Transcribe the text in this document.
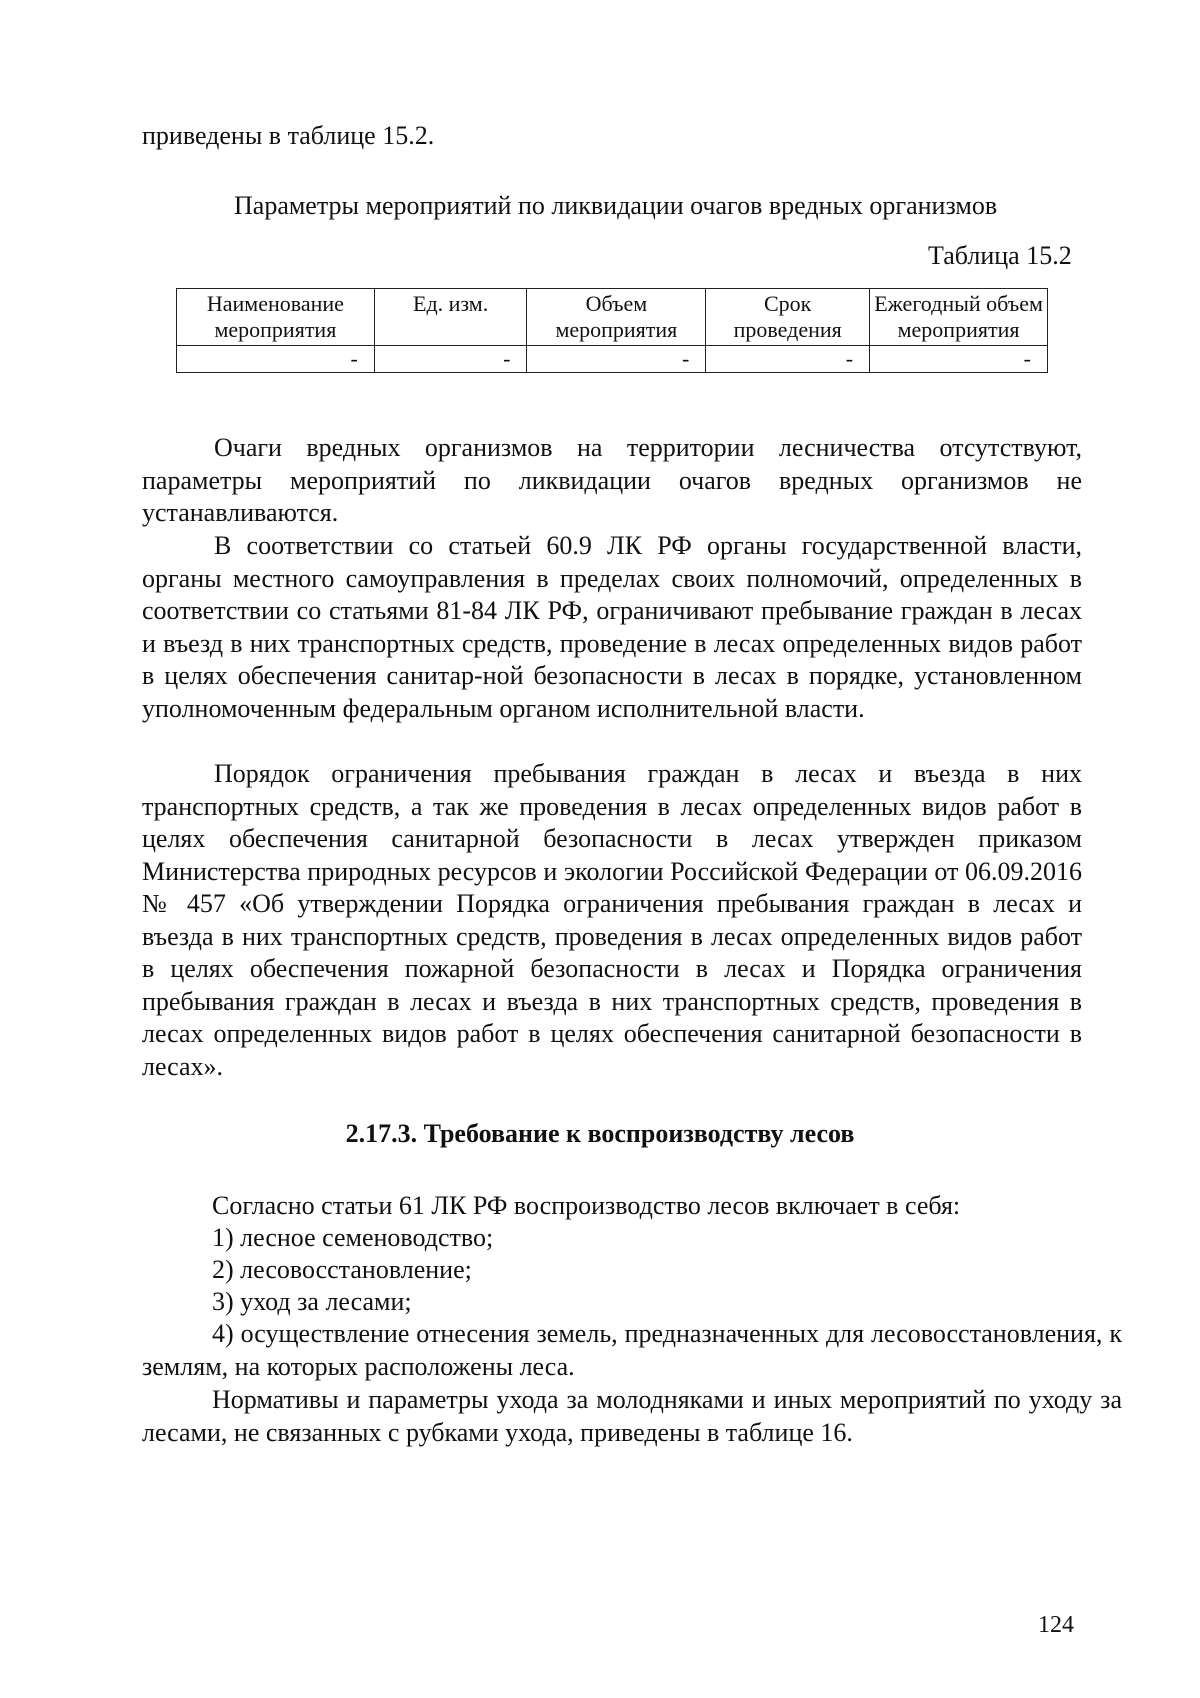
приведены в таблице 15.2.
Параметры мероприятий по ликвидации очагов вредных организмов
Таблица 15.2
Наименование мероприятия	Ед. изм.	Объем мероприятия	Срок проведения	Ежегодный объем мероприятия
-	-	-	-	-
Очаги вредных организмов на территории лесничества отсутствуют, параметры мероприятий по ликвидации очагов вредных организмов не устанавливаются.
В соответствии со статьей 60.9 ЛК РФ органы государственной власти, органы местного самоуправления в пределах своих полномочий, определенных в соответствии со статьями 81-84 ЛК РФ, ограничивают пребывание граждан в лесах и въезд в них транспортных средств, проведение в лесах определенных видов работ в целях обеспечения санитар-ной безопасности в лесах в порядке, установленном уполномоченным федеральным органом исполнительной власти.
Порядок ограничения пребывания граждан в лесах и въезда в них транспортных средств, а так же проведения в лесах определенных видов работ в целях обеспечения санитарной безопасности в лесах утвержден приказом Министерства природных ресурсов и экологии Российской Федерации от 06.09.2016 № 457 «Об утверждении Порядка ограничения пребывания граждан в лесах и въезда в них транспортных средств, проведения в лесах определенных видов работ в целях обеспечения пожарной безопасности в лесах и Порядка ограничения пребывания граждан в лесах и въезда в них транспортных средств, проведения в лесах определенных видов работ в целях обеспечения санитарной безопасности в лесах».
2.17.3. Требование к воспроизводству лесов
Согласно статьи 61 ЛК РФ воспроизводство лесов включает в себя:
1) лесное семеноводство;
2) лесовосстановление;
3) уход за лесами;
4) осуществление отнесения земель, предназначенных для лесовосстановления, к землям, на которых расположены леса.
Нормативы и параметры ухода за молодняками и иных мероприятий по уходу за лесами, не связанных с рубками ухода, приведены в таблице 16.
124
